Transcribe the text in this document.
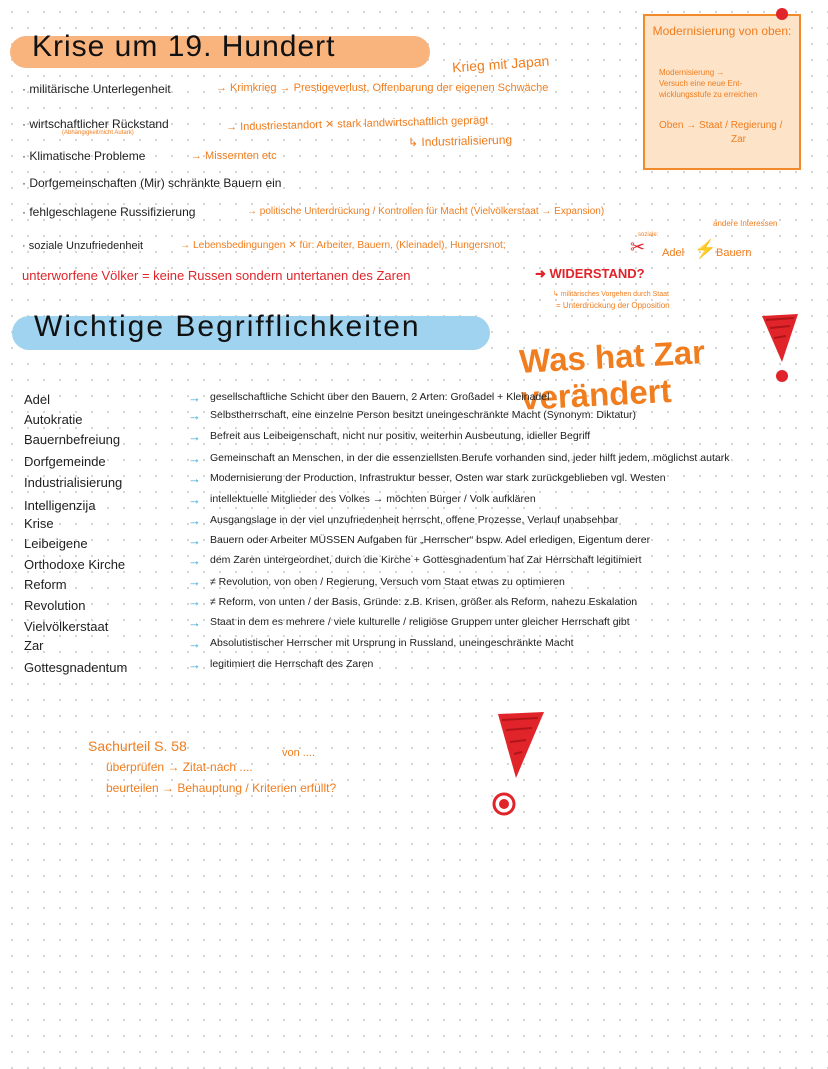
Krise um 19. Hundert
Krieg mit Japan
Modernisierung von oben:
Modernisierung →
Versuch eine neue Ent-
wicklungsstufe zu erreichen
Oben → Staat / Regierung /
Zar
· militärische Unterlegenheit	→ Krimkrieg → Prestigeverlust, Offenbarung der eigenen Schwäche
· wirtschaftlicher Rückstand
(Abhängigkeit/nicht Autark)	→ Industriestandort ✕ stark landwirtschaftlich geprägt
↳ Industrialisierung
· Klimatische Probleme	→ Missernten etc
· Dorfgemeinschaften (Mir) schränkte Bauern ein
· fehlgeschlagene Russifizierung	→ politische Unterdrückung / Kontrollen für Macht (Vielvölkerstaat → Expansion)
andere Interessen
· soziale Unzufriedenheit	→ Lebensbedingungen ✕ für: Arbeiter, Bauern, (Kleinadel), Hungersnot;
soziale:
✂ Adel ⚡ Bauern
unterworfene Völker = keine Russen sondern untertanen des Zaren	➜ WIDERSTAND?
↳ militärisches Vorgehen durch Staat
= Unterdrückung der Opposition
Wichtige Begrifflichkeiten
Was hat Zar verändert
Adel	→ gesellschaftliche Schicht über den Bauern, 2 Arten: Großadel + Kleinadel
Autokratie	→ Selbstherrschaft, eine einzelne Person besitzt uneingeschränkte Macht (Synonym: Diktatur)
Bauernbefreiung	→ Befreit aus Leibeigenschaft, nicht nur positiv, weiterhin Ausbeutung, idieller Begriff
Dorfgemeinde	→ Gemeinschaft an Menschen, in der die essenziellsten Berufe vorhanden sind, jeder hilft jedem, möglichst autark
Industrialisierung	→ Modernisierung der Production, Infrastruktur besser, Osten war stark zurückgeblieben vgl. Westen
Intelligenzija	→ intellektuelle Mitglieder des Volkes → möchten Bürger / Volk aufklären
Krise	→ Ausgangslage in der viel unzufriedenheit herrscht, offene Prozesse, Verlauf unabsehbar
Leibeigene	→ Bauern oder Arbeiter MÜSSEN Aufgaben für „Herrscher“ bspw. Adel erledigen, Eigentum derer
Orthodoxe Kirche	→ dem Zaren untergeordnet, durch die Kirche + Gottesgnadentum hat Zar Herrschaft legitimiert
Reform	→ ≠ Revolution, von oben / Regierung, Versuch vom Staat etwas zu optimieren
Revolution	→ ≠ Reform, von unten / der Basis, Gründe: z.B. Krisen, größer als Reform, nahezu Eskalation
Vielvölkerstaat	→ Staat in dem es mehrere / viele kulturelle / religiöse Gruppen unter gleicher Herrschaft gibt
Zar	→ Absolutistischer Herrscher mit Ursprung in Russland, uneingeschränkte Macht
Gottesgnadentum	→ legitimiert die Herrschaft des Zaren
Sachurteil S. 58	von ....
überprüfen → Zitat-nach ....
beurteilen → Behauptung / Kriterien erfüllt?
